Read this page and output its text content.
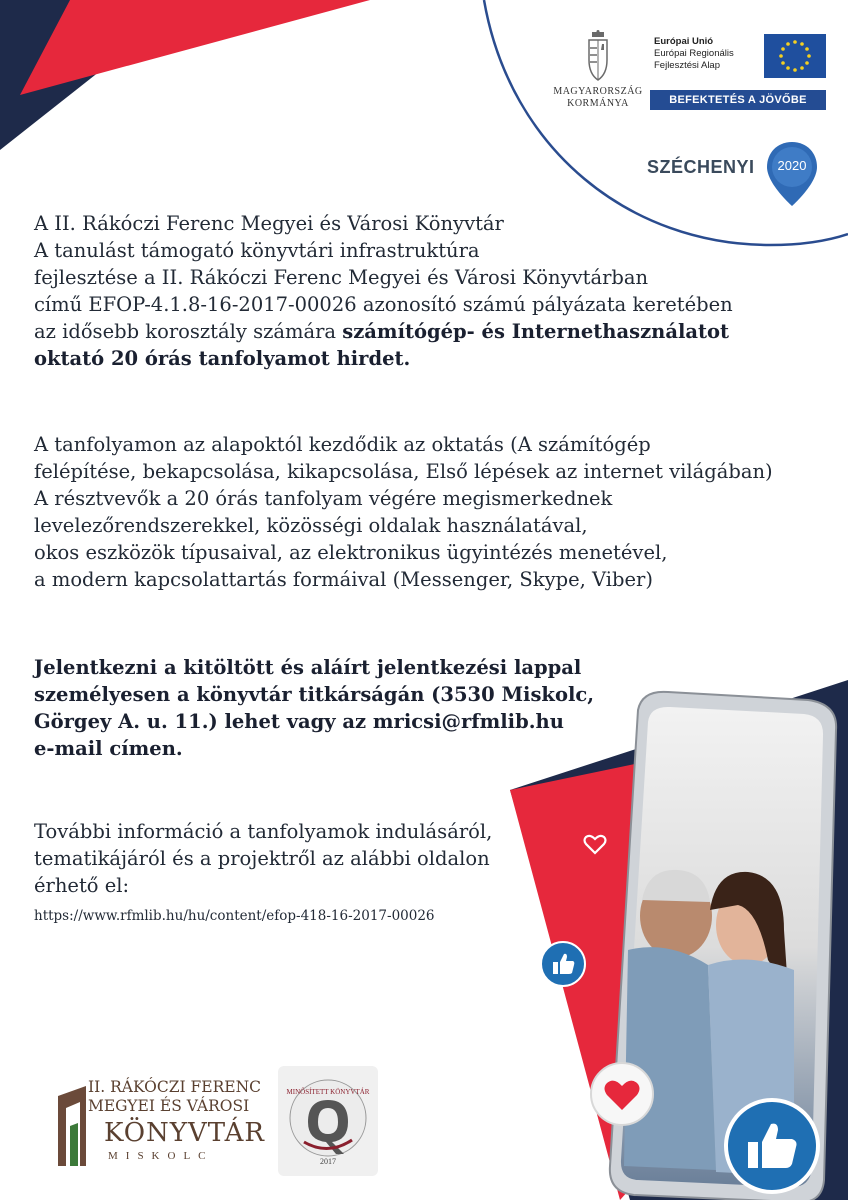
MAGYARORSZÁG
KORMÁNYA
Európai Unió
Európai Regionális
Fejlesztési Alap
BEFEKTETÉS A JÖVŐBE
SZÉCHENYI	2020
A II. Rákóczi Ferenc Megyei és Városi Könyvtár
A tanulást támogató könyvtári infrastruktúra
fejlesztése a II. Rákóczi Ferenc Megyei és Városi Könyvtárban
című EFOP-4.1.8-16-2017-00026 azonosító számú pályázata keretében
az idősebb korosztály számára számítógép- és Internethasználatot
oktató 20 órás tanfolyamot hirdet.
A tanfolyamon az alapoktól kezdődik az oktatás (A számítógép
felépítése, bekapcsolása, kikapcsolása, Első lépések az internet világában)
A résztvevők a 20 órás tanfolyam végére megismerkednek
levelezőrendszerekkel, közösségi oldalak használatával,
okos eszközök típusaival, az elektronikus ügyintézés menetével,
a modern kapcsolattartás formáival (Messenger, Skype, Viber)
Jelentkezni a kitöltött és aláírt jelentkezési lappal
személyesen a könyvtár titkárságán (3530 Miskolc,
Görgey A. u. 11.) lehet vagy az mricsi@rfmlib.hu
e-mail címen.
További információ a tanfolyamok indulásáról,
tematikájáról és a projektről az alábbi oldalon
érhető el:
https://www.rfmlib.hu/hu/content/efop-418-16-2017-00026
II. RÁKÓCZI FERENC
MEGYEI ÉS VÁROSI
KÖNYVTÁR
MISKOLC
MINŐSÍTETT KÖNYVTÁR
2017
